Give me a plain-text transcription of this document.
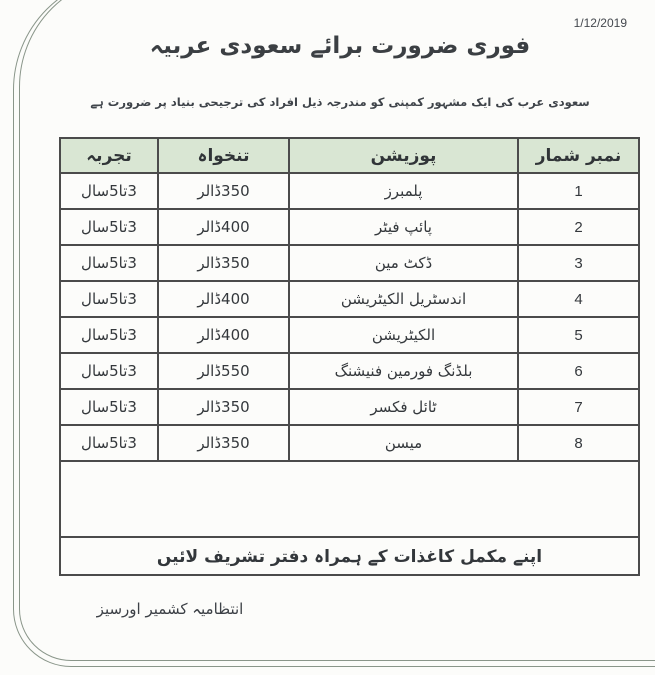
1/12/2019
فوری ضرورت برائے سعودی عربیہ
سعودی عرب کی ایک مشہور کمپنی کو مندرجہ ذیل افراد کی ترجیحی بنیاد پر ضرورت ہے
نمبر شمار	پوزیشن	تنخواہ	تجربہ
1	پلمبرز	350ڈالر	3تا5سال
2	پائپ فیٹر	400ڈالر	3تا5سال
3	ڈکٹ مین	350ڈالر	3تا5سال
4	اندسٹریل الکیٹریشن	400ڈالر	3تا5سال
5	الکیٹریشن	400ڈالر	3تا5سال
6	بلڈنگ فورمین فنیشنگ	550ڈالر	3تا5سال
7	ٹائل فکسر	350ڈالر	3تا5سال
8	میسن	350ڈالر	3تا5سال

اپنے مکمل کاغذات کے ہمراہ دفتر تشریف لائیں			
انتظامیہ کشمیر اورسیز
